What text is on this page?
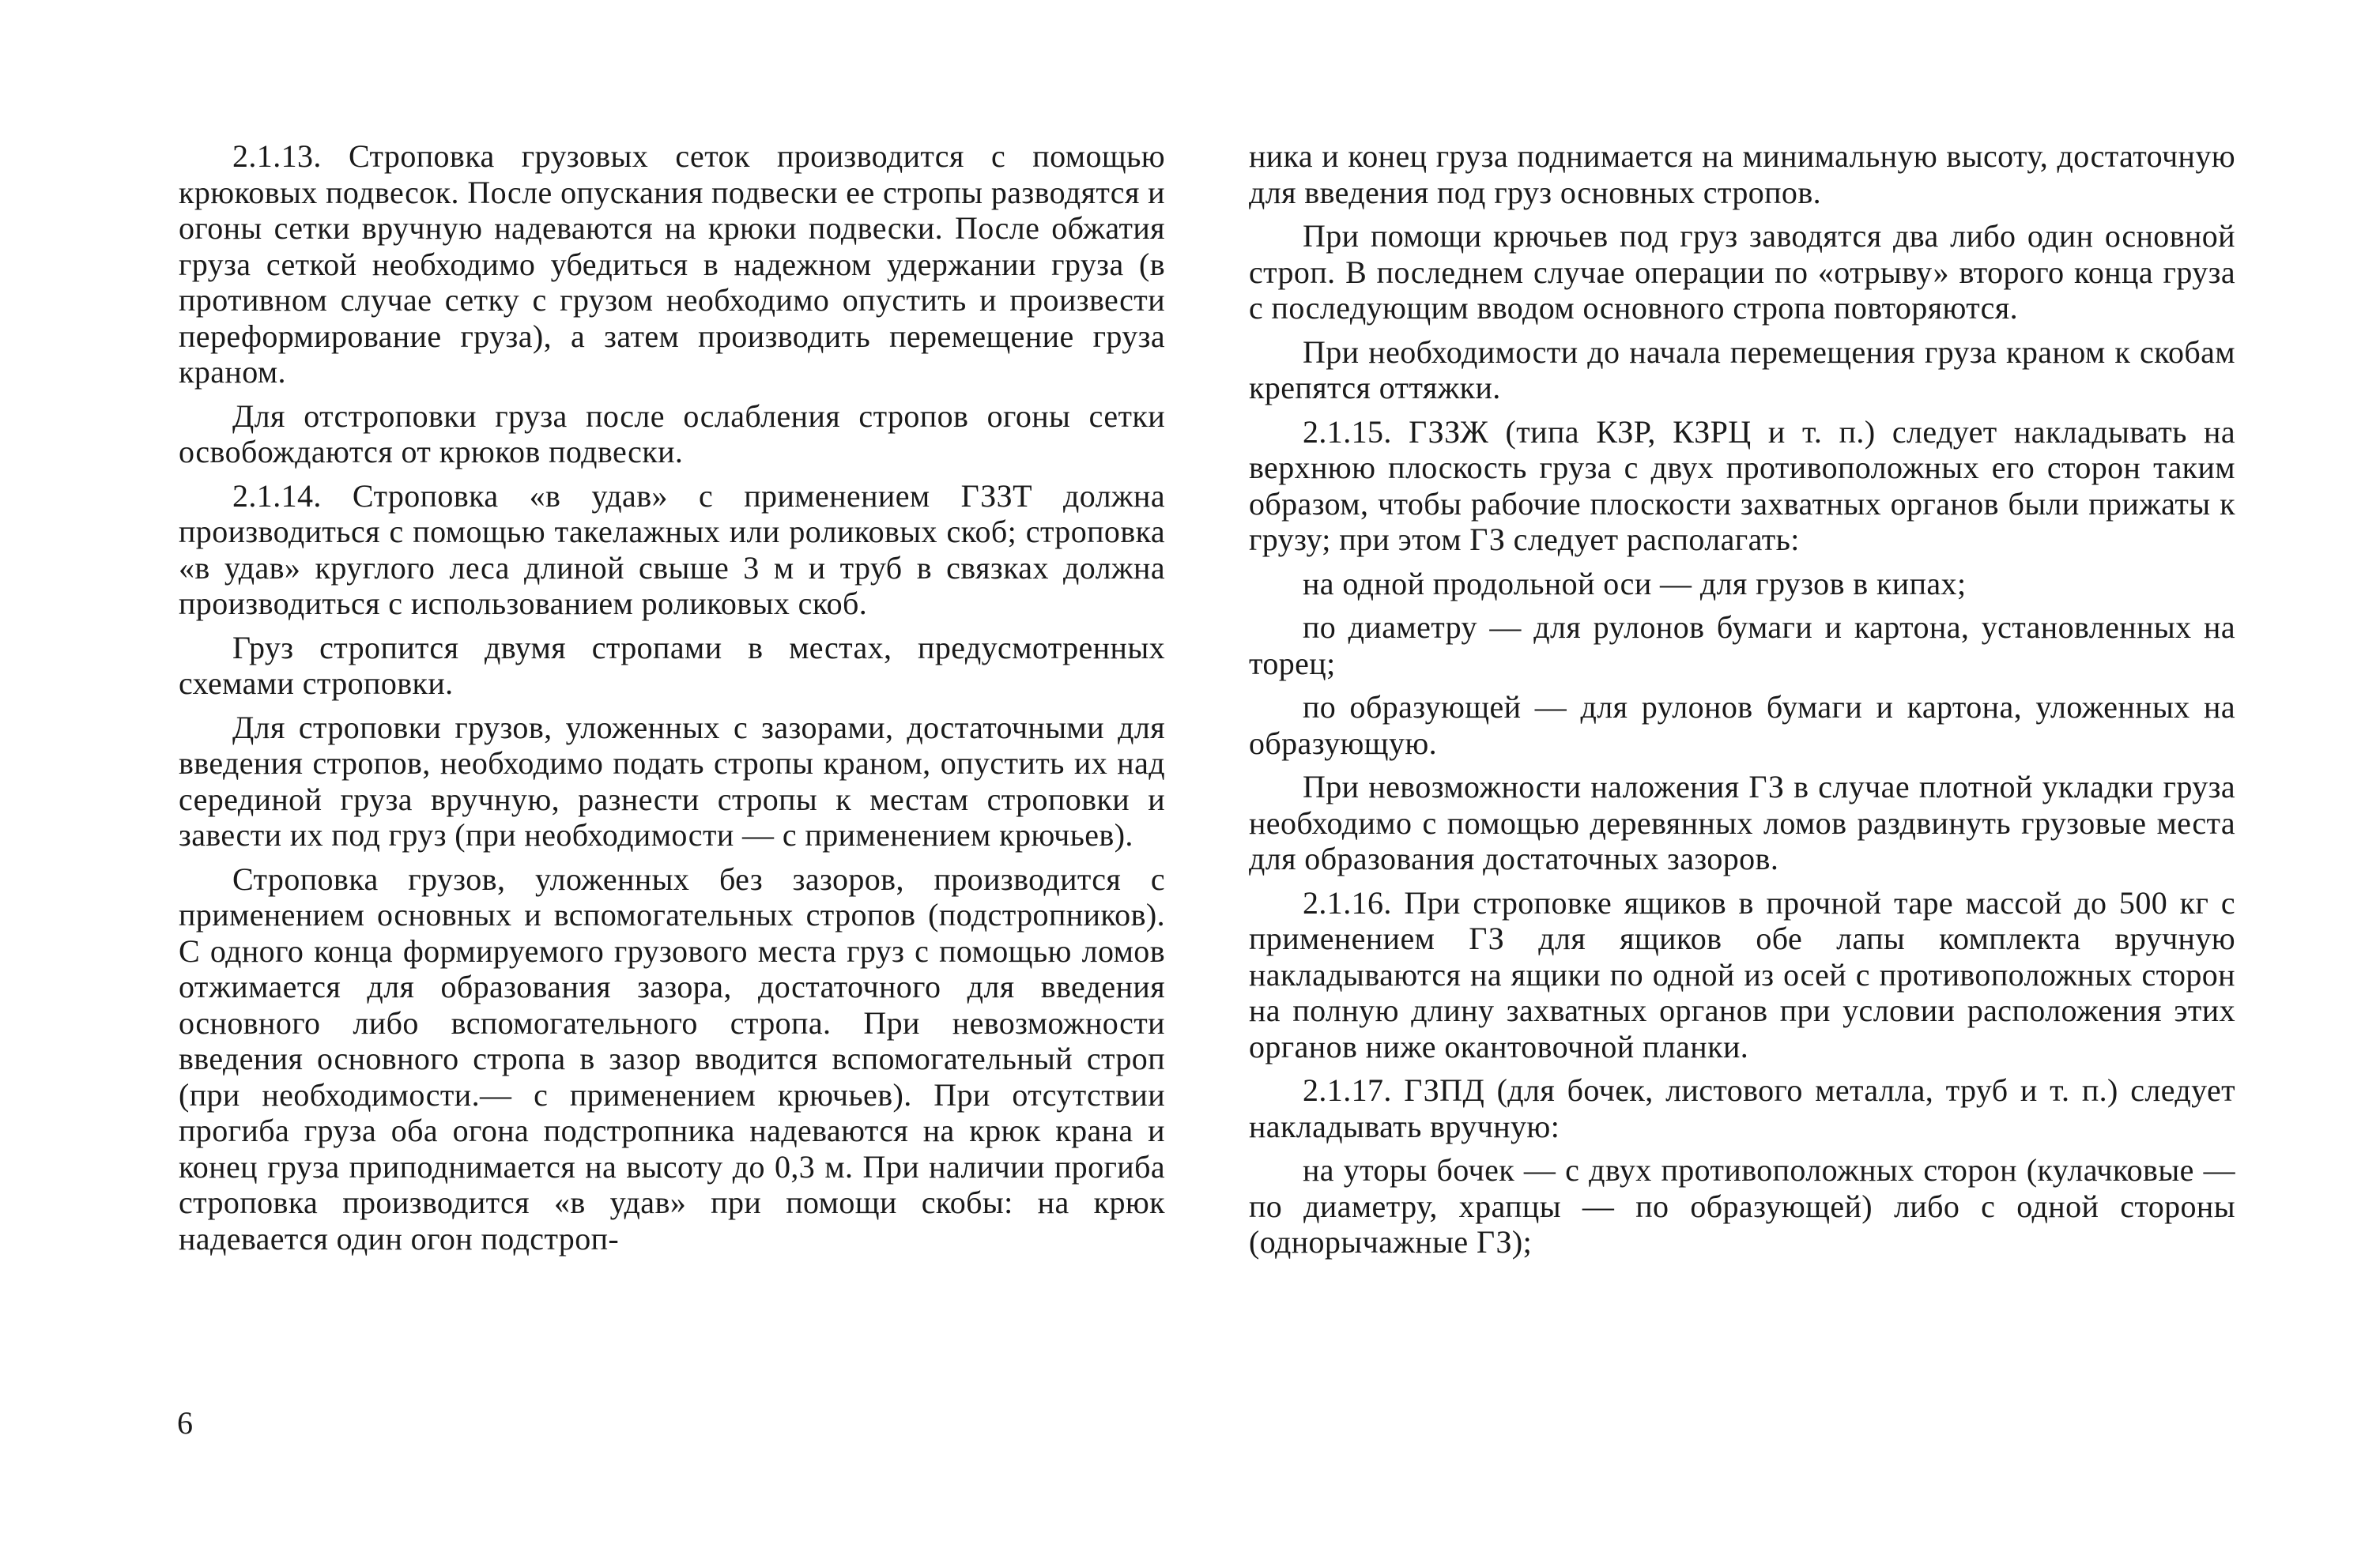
2.1.13. Строповка грузовых сеток производится с помощью крюковых подвесок. После опускания подвески ее стропы разводятся и огоны сетки вручную надеваются на крюки подвески. После обжатия груза сеткой необходимо убедиться в надежном удержании груза (в противном случае сетку с грузом необходимо опустить и произвести переформирование груза), а затем производить перемещение груза краном.

Для отстроповки груза после ослабления стропов огоны сетки освобождаются от крюков подвески.

2.1.14. Строповка «в удав» с применением ГЗЗТ должна производиться с помощью такелажных или роликовых скоб; строповка «в удав» круглого леса длиной свыше 3 м и труб в связках должна производиться с использованием роликовых скоб.

Груз стропится двумя стропами в местах, предусмотренных схемами строповки.

Для строповки грузов, уложенных с зазорами, достаточными для введения стропов, необходимо подать стропы краном, опустить их над серединой груза вручную, разнести стропы к местам строповки и завести их под груз (при необходимости — с применением крючьев).

Строповка грузов, уложенных без зазоров, производится с применением основных и вспомогательных стропов (подстропников). С одного конца формируемого грузового места груз с помощью ломов отжимается для образования зазора, достаточного для введения основного либо вспомогательного стропа. При невозможности введения основного стропа в зазор вводится вспомогательный строп (при необходимости.— с применением крючьев). При отсутствии прогиба груза оба огона подстропника надеваются на крюк крана и конец груза приподнимается на высоту до 0,3 м. При наличии прогиба строповка производится «в удав» при помощи скобы: на крюк надевается один огон подстроп-

ника и конец груза поднимается на минимальную высоту, достаточную для введения под груз основных стропов.

При помощи крючьев под груз заводятся два либо один основной строп. В последнем случае операции по «отрыву» второго конца груза с последующим вводом основного стропа повторяются.

При необходимости до начала перемещения груза краном к скобам крепятся оттяжки.

2.1.15. ГЗЗЖ (типа КЗР, КЗРЦ и т. п.) следует накладывать на верхнюю плоскость груза с двух противоположных его сторон таким образом, чтобы рабочие плоскости захватных органов были прижаты к грузу; при этом ГЗ следует располагать:

на одной продольной оси — для грузов в кипах;

по диаметру — для рулонов бумаги и картона, установленных на торец;

по образующей — для рулонов бумаги и картона, уложенных на образующую.

При невозможности наложения ГЗ в случае плотной укладки груза необходимо с помощью деревянных ломов раздвинуть грузовые места для образования достаточных зазоров.

2.1.16. При строповке ящиков в прочной таре массой до 500 кг с применением ГЗ для ящиков обе лапы комплекта вручную накладываются на ящики по одной из осей с противоположных сторон на полную длину захватных органов при условии расположения этих органов ниже окантовочной планки.

2.1.17. ГЗПД (для бочек, листового металла, труб и т. п.) следует накладывать вручную:

на уторы бочек — с двух противоположных сторон (кулачковые — по диаметру, храпцы — по образующей) либо с одной стороны (однорычажные ГЗ);

6
